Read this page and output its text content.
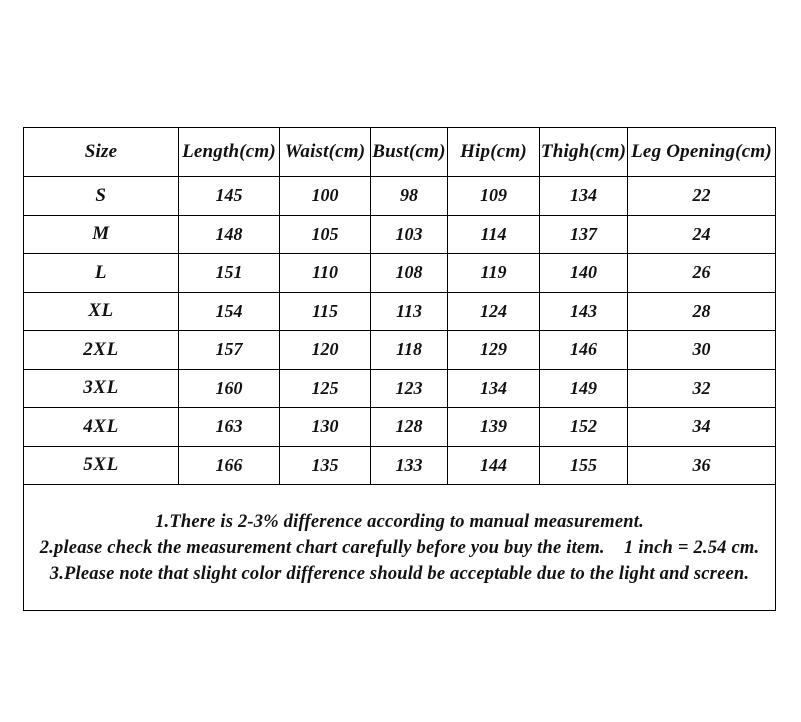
Size	Length(cm)	Waist(cm)	Bust(cm)	Hip(cm)	Thigh(cm)	Leg Opening(cm)
S	145	100	98	109	134	22
M	148	105	103	114	137	24
L	151	110	108	119	140	26
XL	154	115	113	124	143	28
2XL	157	120	118	129	146	30
3XL	160	125	123	134	149	32
4XL	163	130	128	139	152	34
5XL	166	135	133	144	155	36

1.There is 2-3% difference according to manual measurement.
2.please check the measurement chart carefully before you buy the item.    1 inch = 2.54 cm.
3.Please note that slight color difference should be acceptable due to the light and screen.						
